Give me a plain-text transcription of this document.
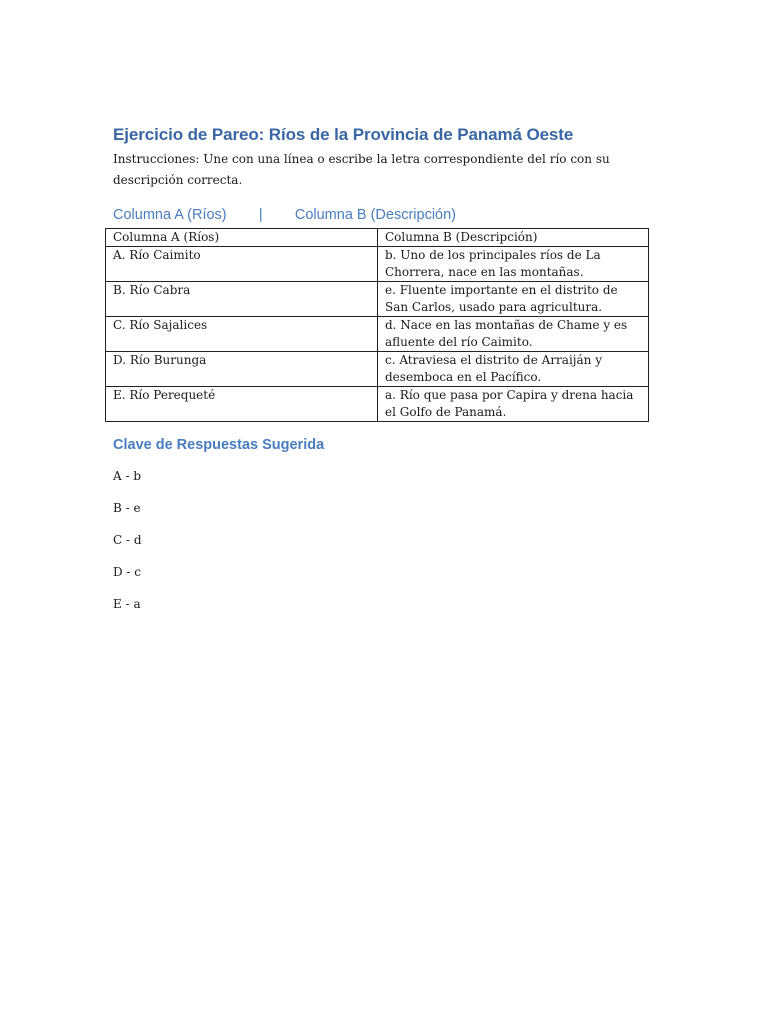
Ejercicio de Pareo: Ríos de la Provincia de Panamá Oeste

Instrucciones: Une con una línea o escribe la letra correspondiente del río con su descripción correcta.

Columna A (Ríos)        |        Columna B (Descripción)
Columna A (Ríos)	Columna B (Descripción)
A. Río Caimito	b. Uno de los principales ríos de La Chorrera, nace en las montañas.
B. Río Cabra	e. Fluente importante en el distrito de San Carlos, usado para agricultura.
C. Río Sajalices	d. Nace en las montañas de Chame y es afluente del río Caimito.
D. Río Burunga	c. Atraviesa el distrito de Arraiján y desemboca en el Pacífico.
E. Río Perequeté	a. Río que pasa por Capira y drena hacia el Golfo de Panamá.
Clave de Respuestas Sugerida

A - b

B - e

C - d

D - c

E - a
